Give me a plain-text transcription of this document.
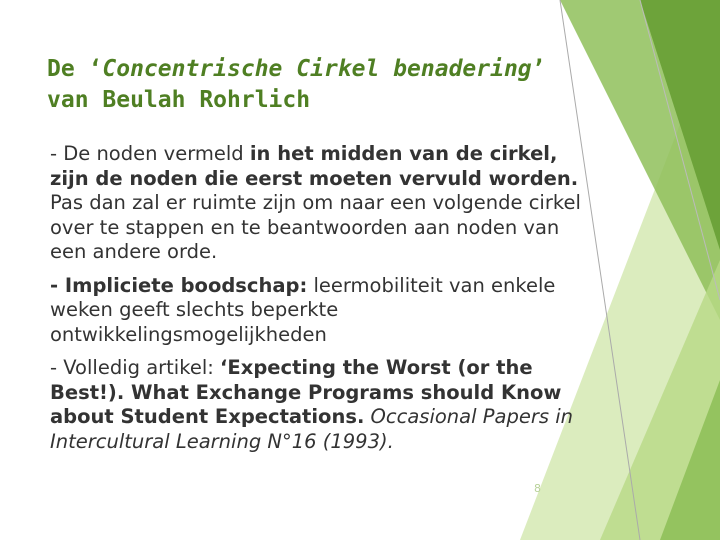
De ‘Concentrische Cirkel benadering’
van Beulah Rohrlich

- De noden vermeld in het midden van de cirkel, zijn de noden die eerst moeten vervuld worden. Pas dan zal er ruimte zijn om naar een volgende cirkel over te stappen en te beantwoorden aan noden van een andere orde.

- Impliciete boodschap: leermobiliteit van enkele weken geeft slechts beperkte ontwikkelingsmogelijkheden

- Volledig artikel: ‘Expecting the Worst (or the Best!). What Exchange Programs should Know about Student Expectations. Occasional Papers in Intercultural Learning N°16 (1993).

8
